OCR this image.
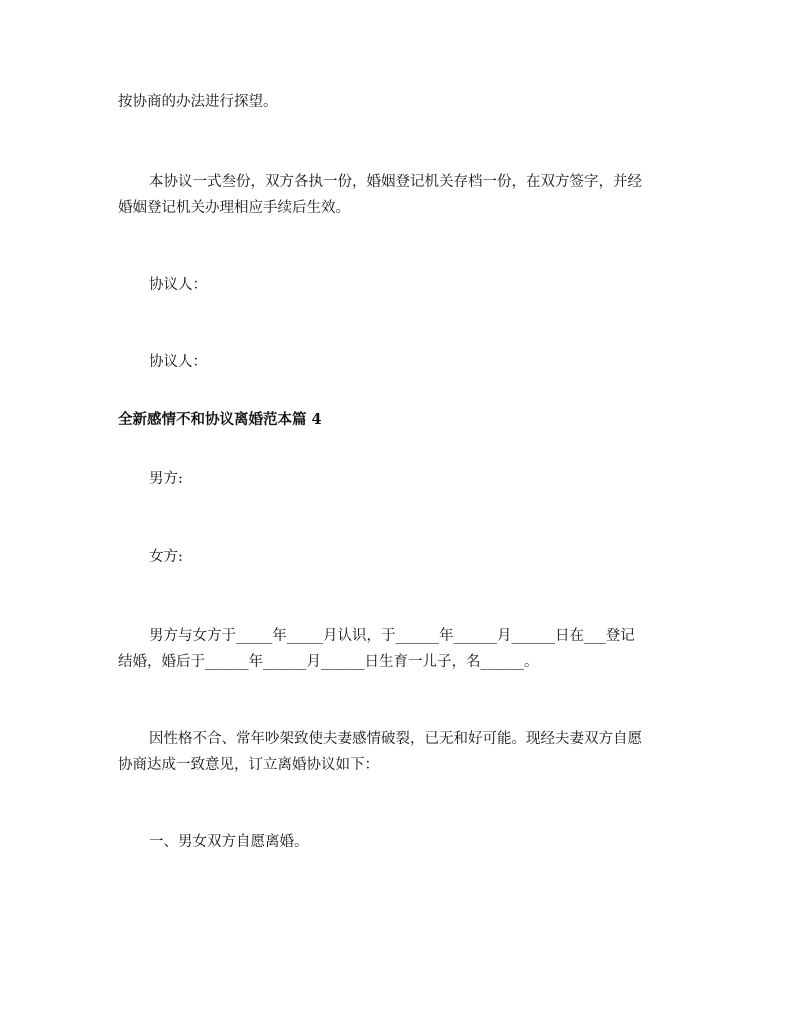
按协商的办法进行探望。
本协议一式叁份，双方各执一份，婚姻登记机关存档一份，在双方签字，并经
婚姻登记机关办理相应手续后生效。
协议人：
协议人：
全新感情不和协议离婚范本篇 4
男方:
女方:
男方与女方于_____年_____月认识，于______年______月______日在___登记
结婚，婚后于______年______月______日生育一儿子，名______。
因性格不合、常年吵架致使夫妻感情破裂，已无和好可能。现经夫妻双方自愿
协商达成一致意见，订立离婚协议如下：
一、男女双方自愿离婚。
